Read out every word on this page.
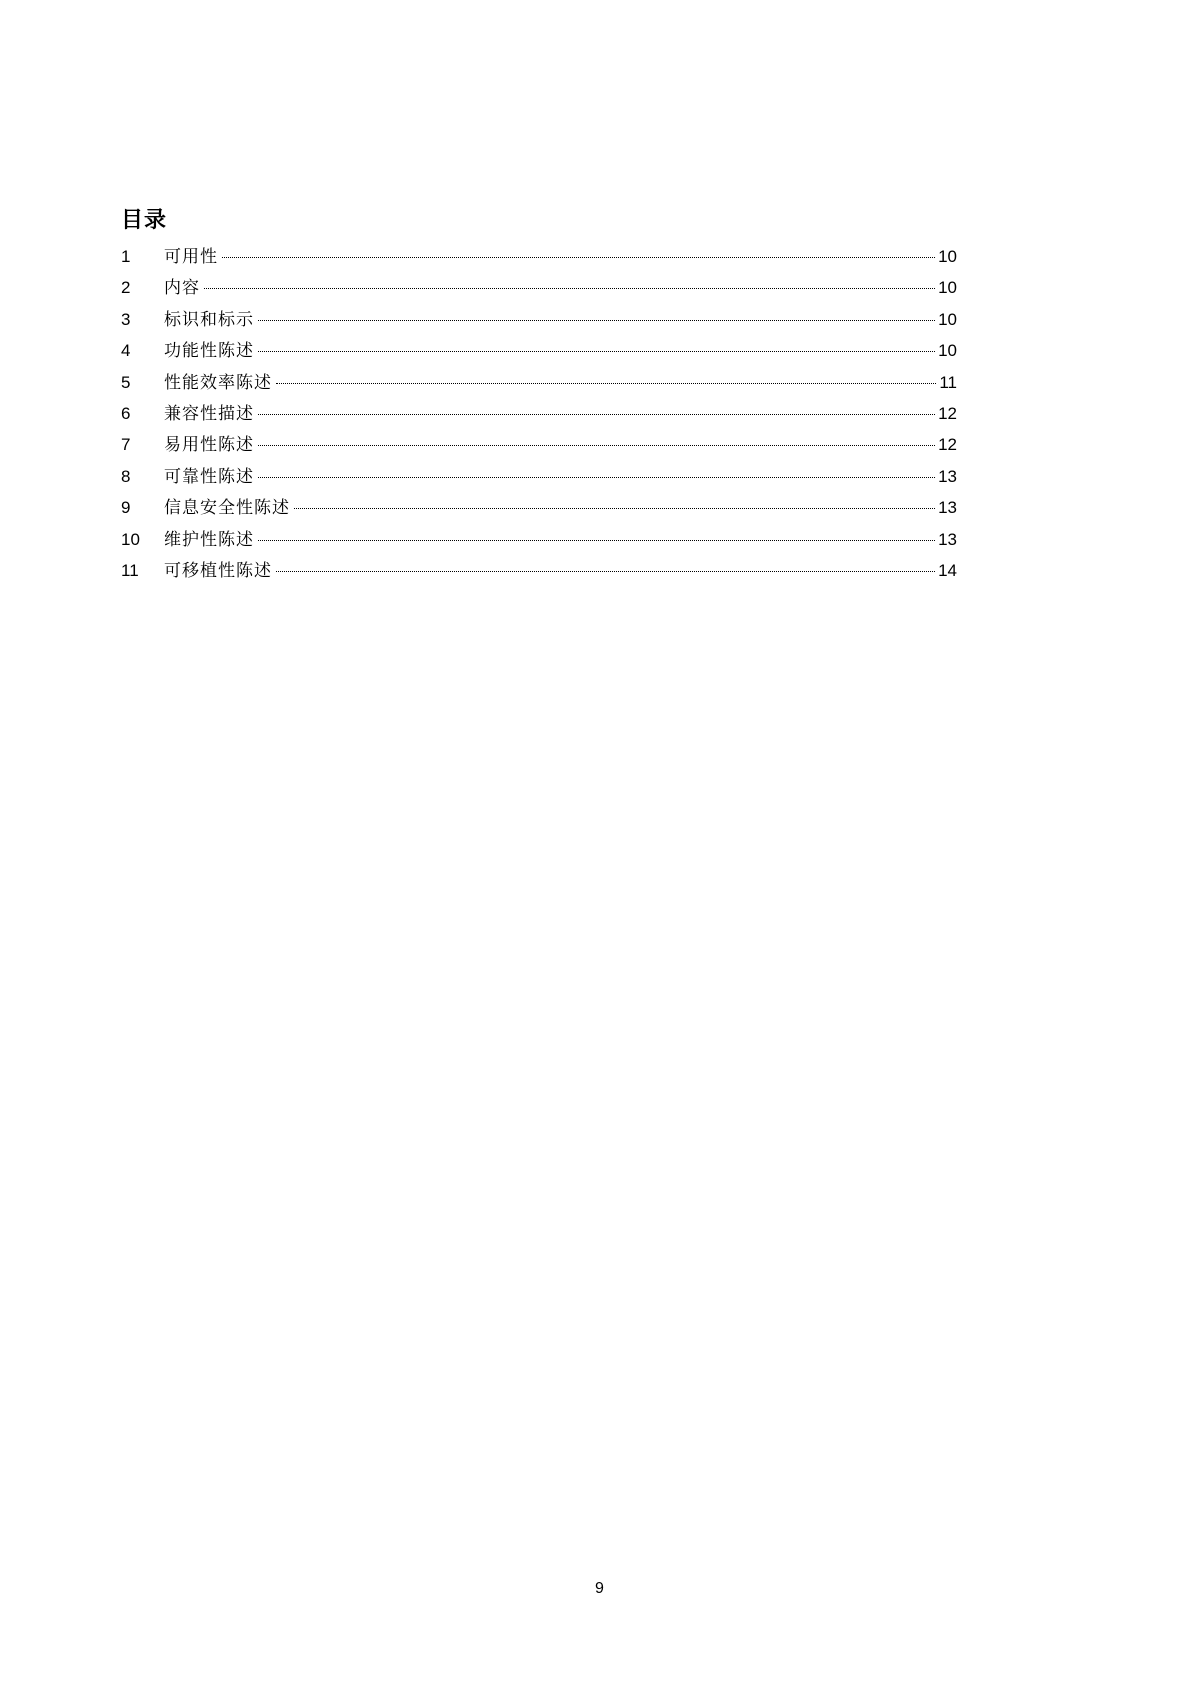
目录
1	可用性	10
2	内容	10
3	标识和标示	10
4	功能性陈述	10
5	性能效率陈述	11
6	兼容性描述	12
7	易用性陈述	12
8	可靠性陈述	13
9	信息安全性陈述	13
10	维护性陈述	13
11	可移植性陈述	14
9
